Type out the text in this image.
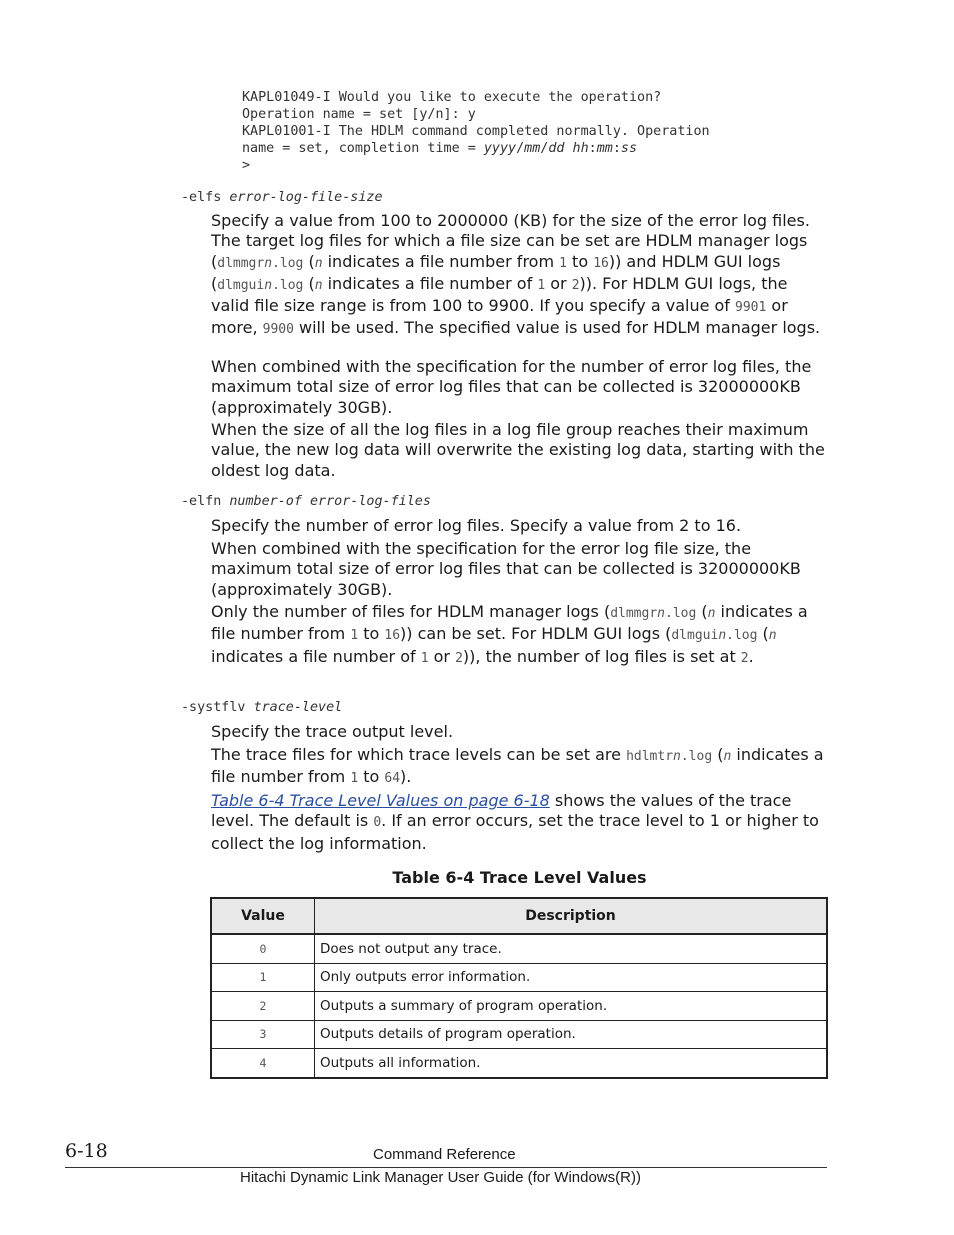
KAPL01049-I Would you like to execute the operation?
Operation name = set [y/n]: y
KAPL01001-I The HDLM command completed normally. Operation
name = set, completion time = yyyy/mm/dd hh:mm:ss
>
-elfs error-log-file-size
Specify a value from 100 to 2000000 (KB) for the size of the error log files. The target log files for which a file size can be set are HDLM manager logs (dlmmgrn.log (n indicates a file number from 1 to 16)) and HDLM GUI logs (dlmguin.log (n indicates a file number of 1 or 2)). For HDLM GUI logs, the valid file size range is from 100 to 9900. If you specify a value of 9901 or more, 9900 will be used. The specified value is used for HDLM manager logs.
When combined with the specification for the number of error log files, the maximum total size of error log files that can be collected is 32000000KB (approximately 30GB).
When the size of all the log files in a log file group reaches their maximum value, the new log data will overwrite the existing log data, starting with the oldest log data.
-elfn number-of error-log-files
Specify the number of error log files. Specify a value from 2 to 16.
When combined with the specification for the error log file size, the maximum total size of error log files that can be collected is 32000000KB (approximately 30GB).
Only the number of files for HDLM manager logs (dlmmgrn.log (n indicates a file number from 1 to 16)) can be set. For HDLM GUI logs (dlmguin.log (n indicates a file number of 1 or 2)), the number of log files is set at 2.
-systflv trace-level
Specify the trace output level.
The trace files for which trace levels can be set are hdlmtrn.log (n indicates a file number from 1 to 64).
Table 6-4 Trace Level Values on page 6-18 shows the values of the trace level. The default is 0. If an error occurs, set the trace level to 1 or higher to collect the log information.
Table 6-4 Trace Level Values
Value	Description
0	Does not output any trace.
1	Only outputs error information.
2	Outputs a summary of program operation.
3	Outputs details of program operation.
4	Outputs all information.
6-18	Command Reference
Hitachi Dynamic Link Manager User Guide (for Windows(R))
